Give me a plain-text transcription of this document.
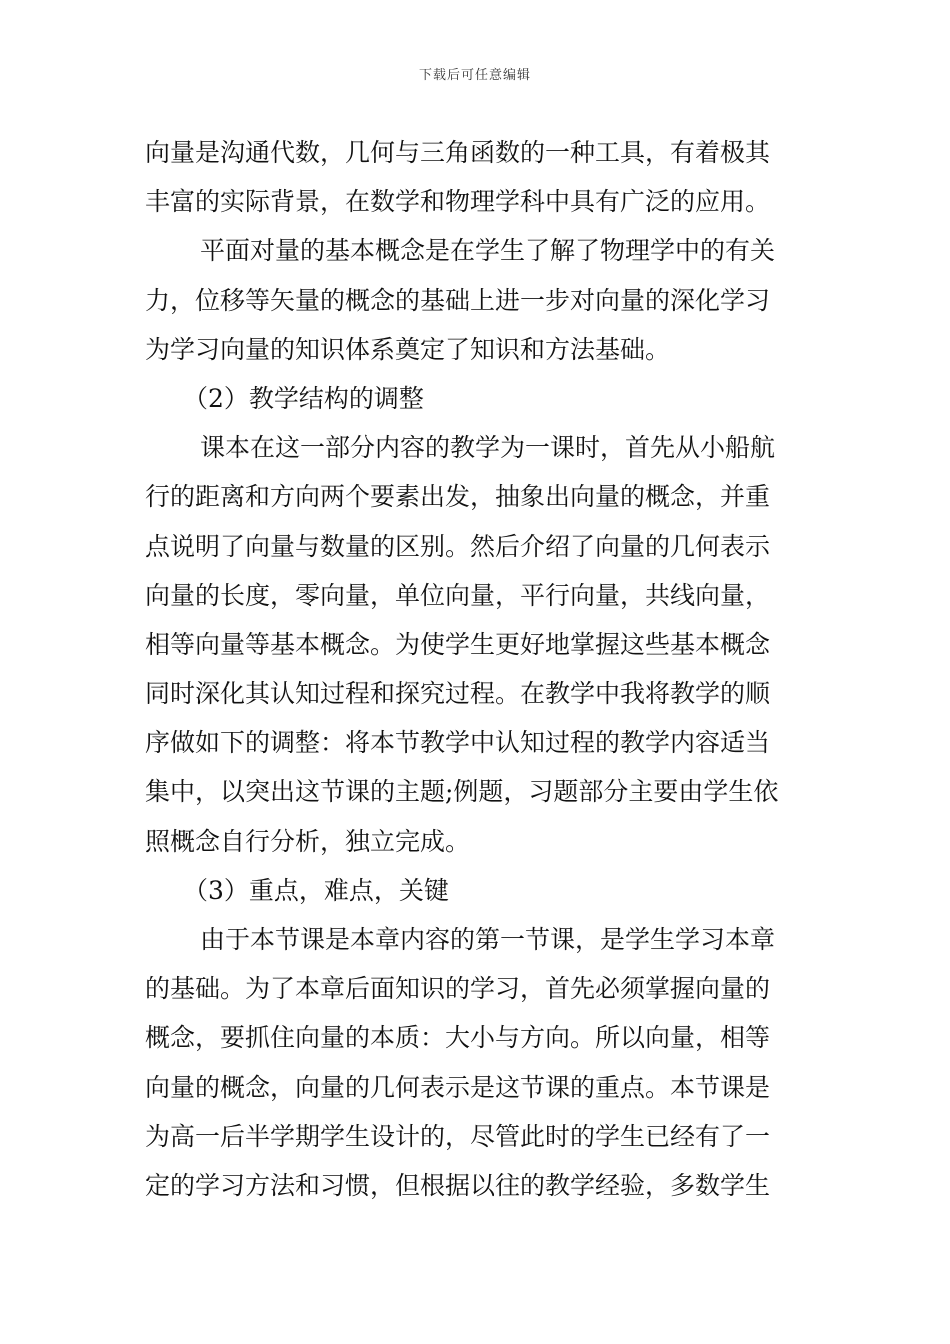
下载后可任意编辑
向量是沟通代数，几何与三角函数的一种工具，有着极其
丰富的实际背景，在数学和物理学科中具有广泛的应用。
平面对量的基本概念是在学生了解了物理学中的有关
力，位移等矢量的概念的基础上进一步对向量的深化学习
为学习向量的知识体系奠定了知识和方法基础。
（2）教学结构的调整
课本在这一部分内容的教学为一课时，首先从小船航
行的距离和方向两个要素出发，抽象出向量的概念，并重
点说明了向量与数量的区别。然后介绍了向量的几何表示
向量的长度，零向量，单位向量，平行向量，共线向量，
相等向量等基本概念。为使学生更好地掌握这些基本概念
同时深化其认知过程和探究过程。在教学中我将教学的顺
序做如下的调整：将本节教学中认知过程的教学内容适当
集中，以突出这节课的主题;例题，习题部分主要由学生依
照概念自行分析，独立完成。
（3）重点，难点，关键
由于本节课是本章内容的第一节课，是学生学习本章
的基础。为了本章后面知识的学习，首先必须掌握向量的
概念，要抓住向量的本质：大小与方向。所以向量，相等
向量的概念，向量的几何表示是这节课的重点。本节课是
为高一后半学期学生设计的，尽管此时的学生已经有了一
定的学习方法和习惯，但根据以往的教学经验，多数学生
